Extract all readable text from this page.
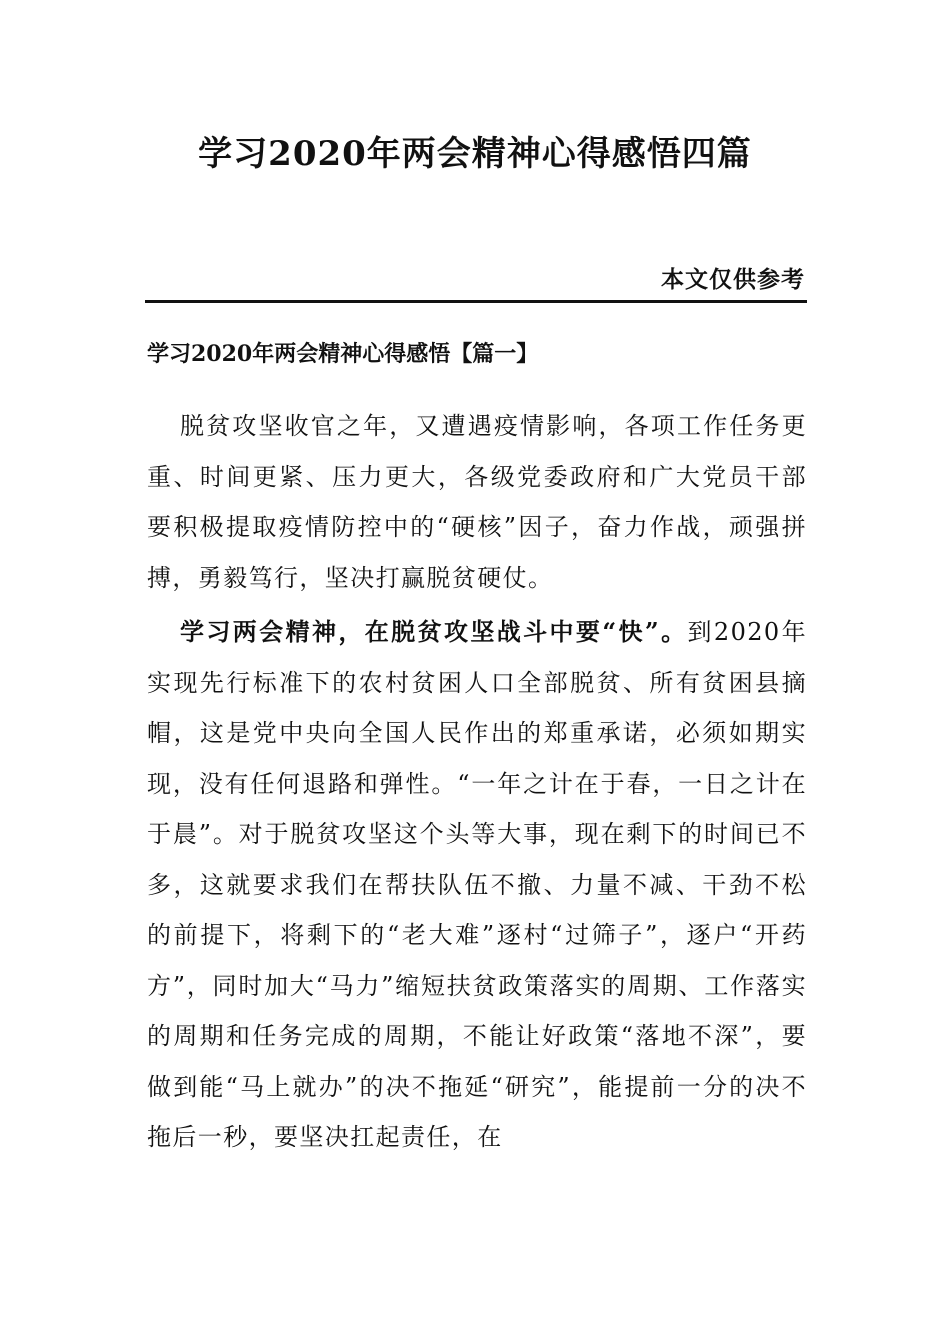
学习2020年两会精神心得感悟四篇
本文仅供参考
学习2020年两会精神心得感悟【篇一】

脱贫攻坚收官之年，又遭遇疫情影响，各项工作任务更重、时间更紧、压力更大，各级党委政府和广大党员干部要积极提取疫情防控中的“硬核”因子，奋力作战，顽强拼搏，勇毅笃行，坚决打赢脱贫硬仗。

学习两会精神，在脱贫攻坚战斗中要“快”。到2020年实现先行标准下的农村贫困人口全部脱贫、所有贫困县摘帽，这是党中央向全国人民作出的郑重承诺，必须如期实现，没有任何退路和弹性。“一年之计在于春，一日之计在于晨”。对于脱贫攻坚这个头等大事，现在剩下的时间已不多，这就要求我们在帮扶队伍不撤、力量不减、干劲不松的前提下，将剩下的“老大难”逐村“过筛子”，逐户“开药方”，同时加大“马力”缩短扶贫政策落实的周期、工作落实的周期和任务完成的周期，不能让好政策“落地不深”，要做到能“马上就办”的决不拖延“研究”，能提前一分的决不拖后一秒，要坚决扛起责任，在
